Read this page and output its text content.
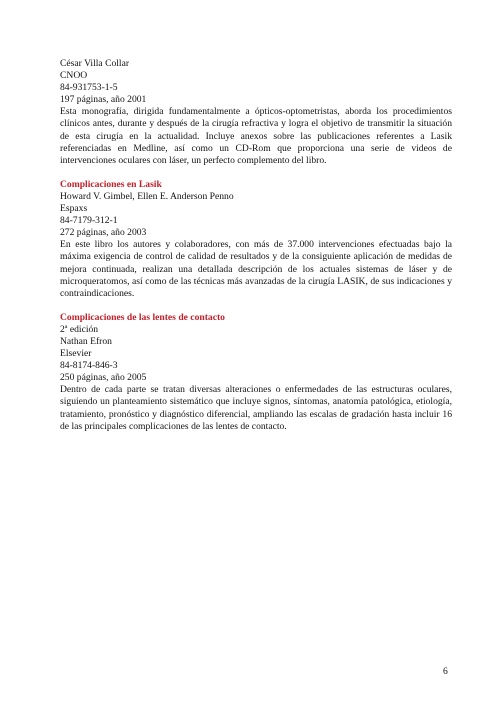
César Villa Collar
CNOO
84-931753-1-5
197 páginas, año 2001
Esta monografía, dirigida fundamentalmente a ópticos-optometristas, aborda los procedimientos clínicos antes, durante y después de la cirugía refractiva y logra el objetivo de transmitir la situación de esta cirugía en la actualidad. Incluye anexos sobre las publicaciones referentes a Lasik referenciadas en Medline, así como un CD-Rom que proporciona una serie de videos de intervenciones oculares con láser, un perfecto complemento del libro.
Complicaciones en Lasik
Howard V. Gimbel, Ellen E. Anderson Penno
Espaxs
84-7179-312-1
272 páginas, año 2003
En este libro los autores y colaboradores, con más de 37.000 intervenciones efectuadas bajo la máxima exigencia de control de calidad de resultados y de la consiguiente aplicación de medidas de mejora continuada, realizan una detallada descripción de los actuales sistemas de láser y de microqueratomos, así como de las técnicas más avanzadas de la cirugía LASIK, de sus indicaciones y contraindicaciones.
Complicaciones de las lentes de contacto
2ª edición
Nathan Efron
Elsevier
84-8174-846-3
250 páginas, año 2005
Dentro de cada parte se tratan diversas alteraciones o enfermedades de las estructuras oculares, siguiendo un planteamiento sistemático que incluye signos, síntomas, anatomía patológica, etiología, tratamiento, pronóstico y diagnóstico diferencial, ampliando las escalas de gradación hasta incluir 16 de las principales complicaciones de las lentes de contacto.
6
